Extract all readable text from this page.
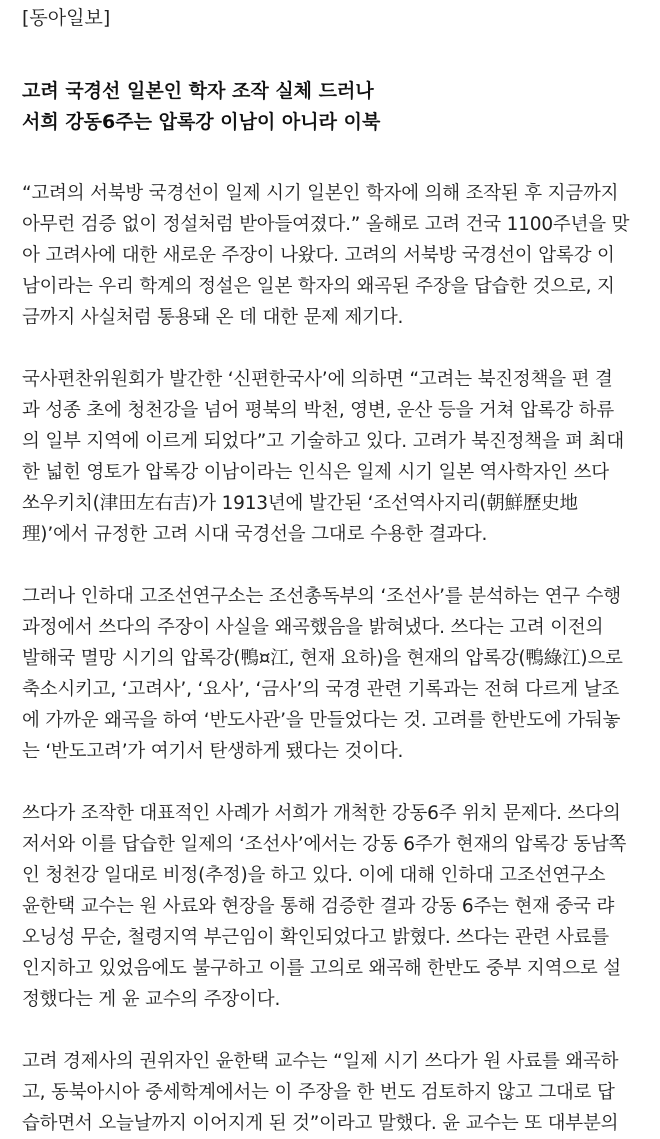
[동아일보]
고려 국경선 일본인 학자 조작 실체 드러나
서희 강동6주는 압록강 이남이 아니라 이북
“고려의 서북방 국경선이 일제 시기 일본인 학자에 의해 조작된 후 지금까지
아무런 검증 없이 정설처럼 받아들여졌다.” 올해로 고려 건국 1100주년을 맞
아 고려사에 대한 새로운 주장이 나왔다. 고려의 서북방 국경선이 압록강 이
남이라는 우리 학계의 정설은 일본 학자의 왜곡된 주장을 답습한 것으로, 지
금까지 사실처럼 통용돼 온 데 대한 문제 제기다.
국사편찬위원회가 발간한 ‘신편한국사’에 의하면 “고려는 북진정책을 편 결
과 성종 초에 청천강을 넘어 평북의 박천, 영변, 운산 등을 거쳐 압록강 하류
의 일부 지역에 이르게 되었다”고 기술하고 있다. 고려가 북진정책을 펴 최대
한 넓힌 영토가 압록강 이남이라는 인식은 일제 시기 일본 역사학자인 쓰다
쏘우키치(津田左右吉)가 1913년에 발간된 ‘조선역사지리(朝鮮歷史地
理)’에서 규정한 고려 시대 국경선을 그대로 수용한 결과다.
그러나 인하대 고조선연구소는 조선총독부의 ‘조선사’를 분석하는 연구 수행
과정에서 쓰다의 주장이 사실을 왜곡했음을 밝혀냈다. 쓰다는 고려 이전의
발해국 멸망 시기의 압록강(鴨¤江, 현재 요하)을 현재의 압록강(鴨綠江)으로
축소시키고, ‘고려사’, ‘요사’, ‘금사’의 국경 관련 기록과는 전혀 다르게 날조
에 가까운 왜곡을 하여 ‘반도사관’을 만들었다는 것. 고려를 한반도에 가둬놓
는 ‘반도고려’가 여기서 탄생하게 됐다는 것이다.
쓰다가 조작한 대표적인 사례가 서희가 개척한 강동6주 위치 문제다. 쓰다의
저서와 이를 답습한 일제의 ‘조선사’에서는 강동 6주가 현재의 압록강 동남쪽
인 청천강 일대로 비정(추정)을 하고 있다. 이에 대해 인하대 고조선연구소
윤한택 교수는 원 사료와 현장을 통해 검증한 결과 강동 6주는 현재 중국 랴
오닝성 무순, 철령지역 부근임이 확인되었다고 밝혔다. 쓰다는 관련 사료를
인지하고 있었음에도 불구하고 이를 고의로 왜곡해 한반도 중부 지역으로 설
정했다는 게 윤 교수의 주장이다.
고려 경제사의 권위자인 윤한택 교수는 “일제 시기 쓰다가 원 사료를 왜곡하
고, 동북아시아 중세학계에서는 이 주장을 한 번도 검토하지 않고 그대로 답
습하면서 오늘날까지 이어지게 된 것”이라고 말했다. 윤 교수는 또 대부분의
